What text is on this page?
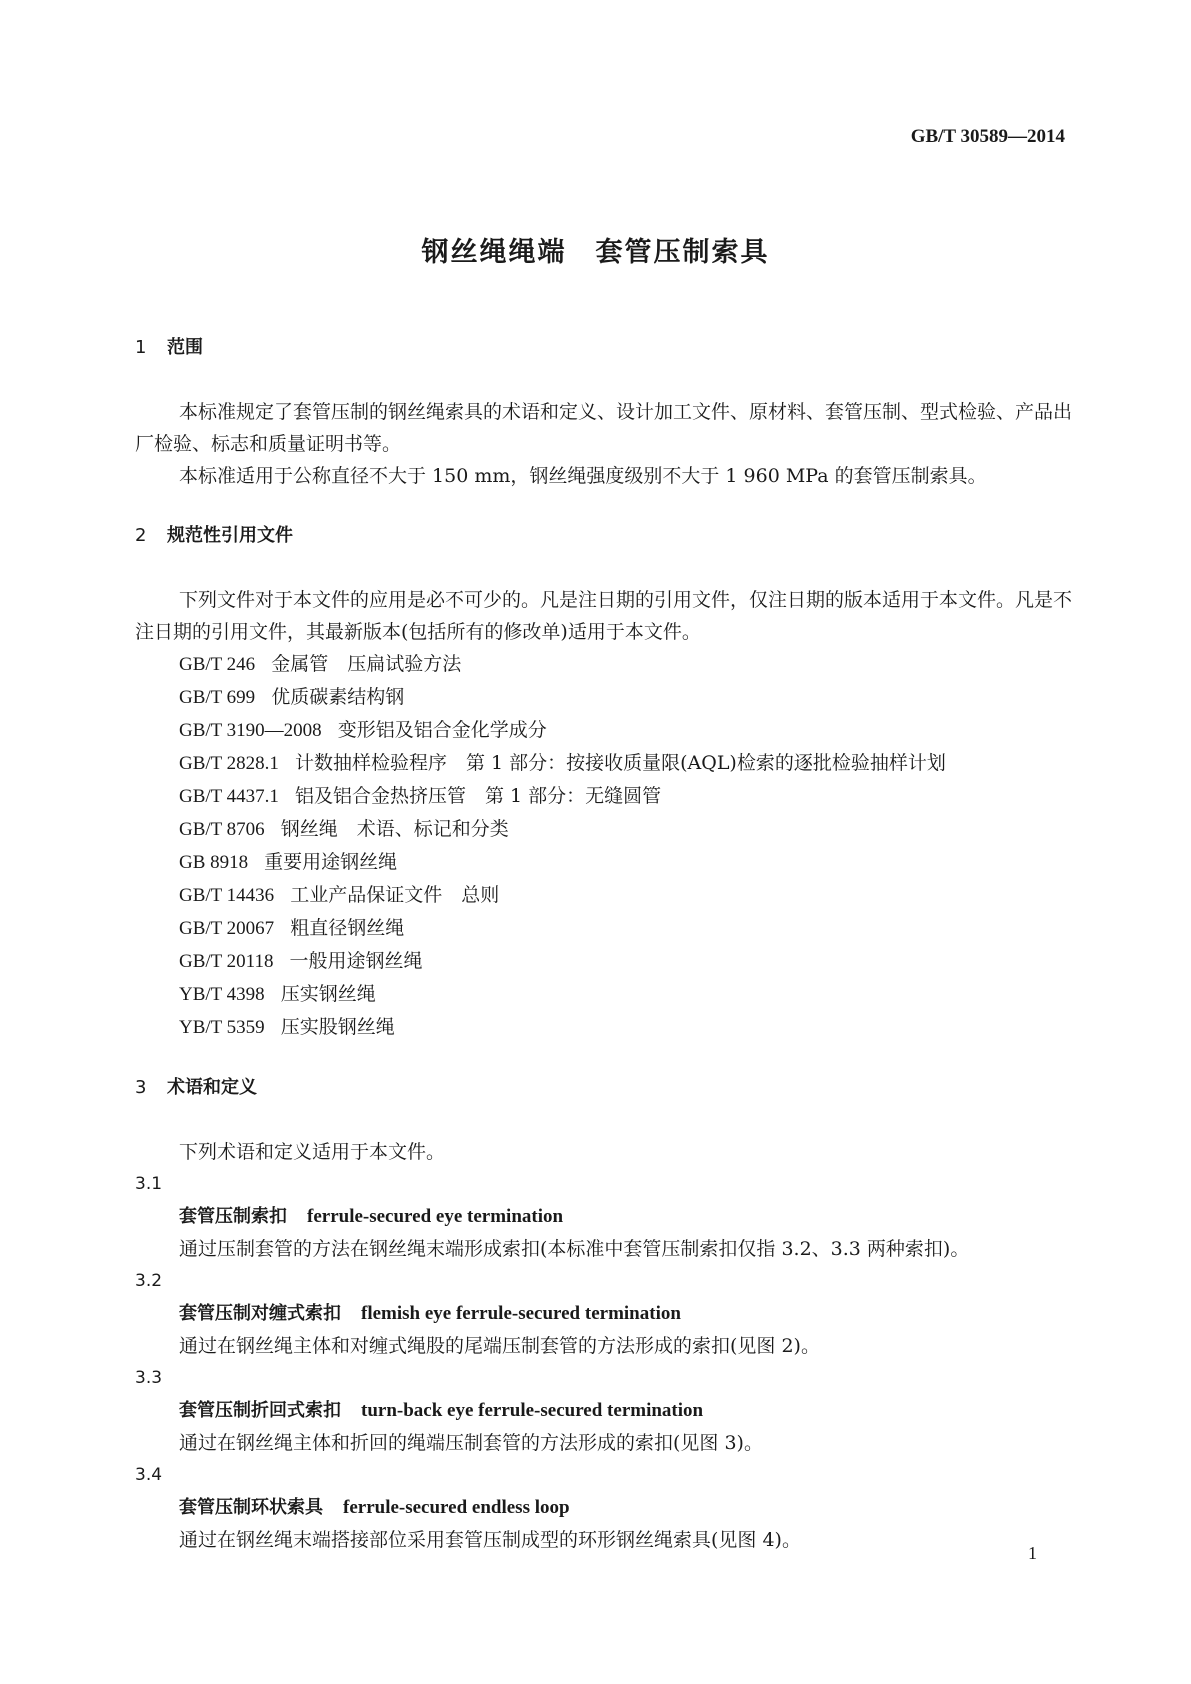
GB/T 30589—2014
钢丝绳绳端　套管压制索具

1 范围

本标准规定了套管压制的钢丝绳索具的术语和定义、设计加工文件、原材料、套管压制、型式检验、产品出厂检验、标志和质量证明书等。

本标准适用于公称直径不大于 150 mm，钢丝绳强度级别不大于 1 960 MPa 的套管压制索具。

2 规范性引用文件

下列文件对于本文件的应用是必不可少的。凡是注日期的引用文件，仅注日期的版本适用于本文件。凡是不注日期的引用文件，其最新版本(包括所有的修改单)适用于本文件。

GB/T 246 金属管　压扁试验方法

GB/T 699 优质碳素结构钢

GB/T 3190—2008 变形铝及铝合金化学成分

GB/T 2828.1 计数抽样检验程序　第 1 部分：按接收质量限(AQL)检索的逐批检验抽样计划

GB/T 4437.1 铝及铝合金热挤压管　第 1 部分：无缝圆管

GB/T 8706 钢丝绳　术语、标记和分类

GB 8918 重要用途钢丝绳

GB/T 14436 工业产品保证文件　总则

GB/T 20067 粗直径钢丝绳

GB/T 20118 一般用途钢丝绳

YB/T 4398 压实钢丝绳

YB/T 5359 压实股钢丝绳

3 术语和定义

下列术语和定义适用于本文件。

3.1

套管压制索扣 ferrule-secured eye termination

通过压制套管的方法在钢丝绳末端形成索扣(本标准中套管压制索扣仅指 3.2、3.3 两种索扣)。

3.2

套管压制对缠式索扣 flemish eye ferrule-secured termination

通过在钢丝绳主体和对缠式绳股的尾端压制套管的方法形成的索扣(见图 2)。

3.3

套管压制折回式索扣 turn-back eye ferrule-secured termination

通过在钢丝绳主体和折回的绳端压制套管的方法形成的索扣(见图 3)。

3.4

套管压制环状索具 ferrule-secured endless loop

通过在钢丝绳末端搭接部位采用套管压制成型的环形钢丝绳索具(见图 4)。

1
